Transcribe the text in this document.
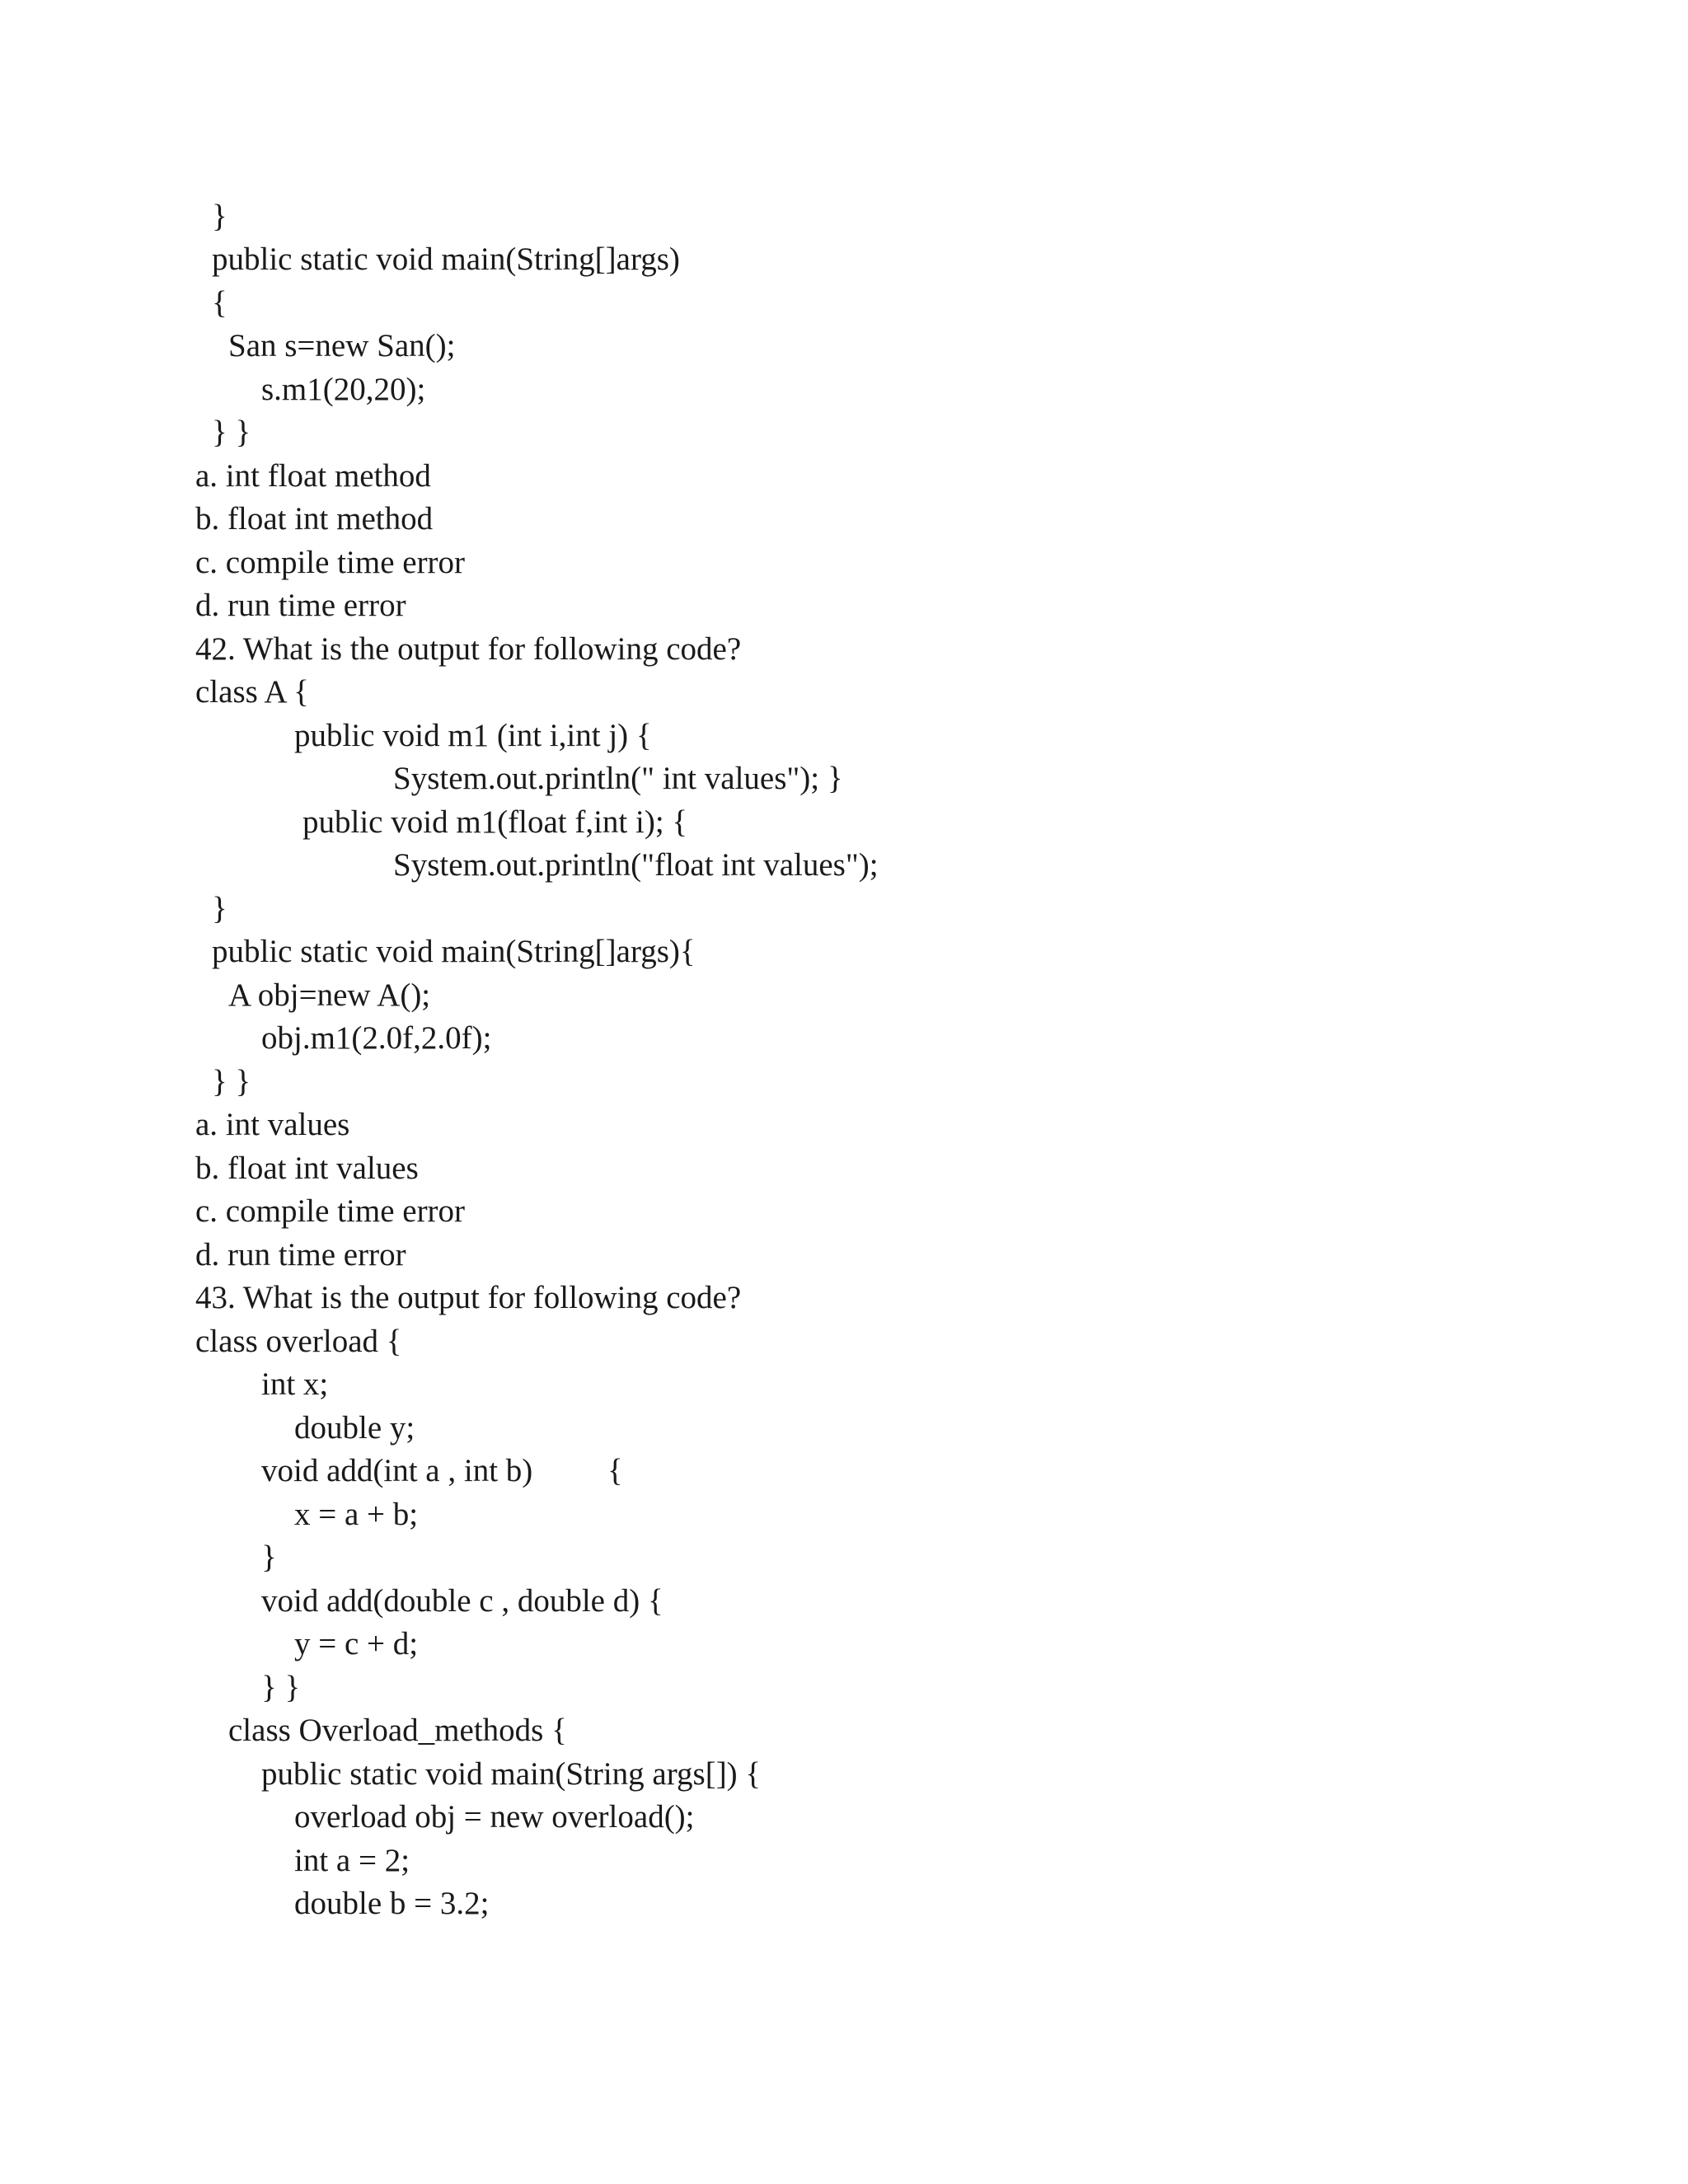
}
public static void main(String[]args)
{
San s=new San();
s.m1(20,20);
} }
a. int float method
b. float int method
c. compile time error
d. run time error
42. What is the output for following code?
class A {
public void m1 (int i,int j) {
System.out.println(" int values"); }
public void m1(float f,int i); {
System.out.println("float int values");
}
public static void main(String[]args){
A obj=new A();
obj.m1(2.0f,2.0f);
} }
a. int values
b. float int values
c. compile time error
d. run time error
43. What is the output for following code?
class overload {
int x;
double y;
void add(int a , int b) {
x = a + b;
}
void add(double c , double d) {
y = c + d;
} }
class Overload_methods {
public static void main(String args[]) {
overload obj = new overload();
int a = 2;
double b = 3.2;
